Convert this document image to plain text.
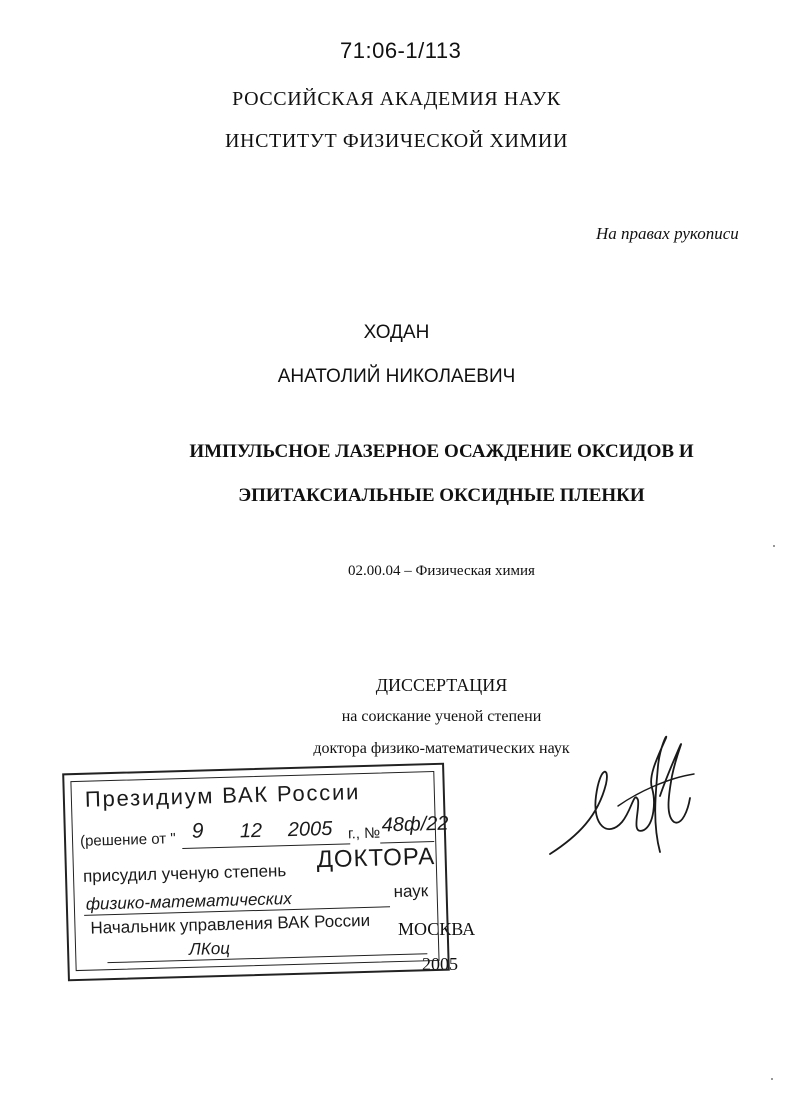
71:06-1/113
РОССИЙСКАЯ АКАДЕМИЯ НАУК
ИНСТИТУТ ФИЗИЧЕСКОЙ ХИМИИ
На правах рукописи
ХОДАН
АНАТОЛИЙ НИКОЛАЕВИЧ
ИМПУЛЬСНОЕ ЛАЗЕРНОЕ ОСАЖДЕНИЕ ОКСИДОВ И
ЭПИТАКСИАЛЬНЫЕ ОКСИДНЫЕ ПЛЕНКИ
02.00.04 – Физическая химия
ДИССЕРТАЦИЯ
на соискание ученой степени
доктора физико-математических наук
МОСКВА
2005
Президиум ВАК России
(решение от " 9 12 2005 г., № 48ф/22
присудил ученую степень
ДОКТОРА
физико-математических	наук
Начальник управления ВАК России
ЛКоц
